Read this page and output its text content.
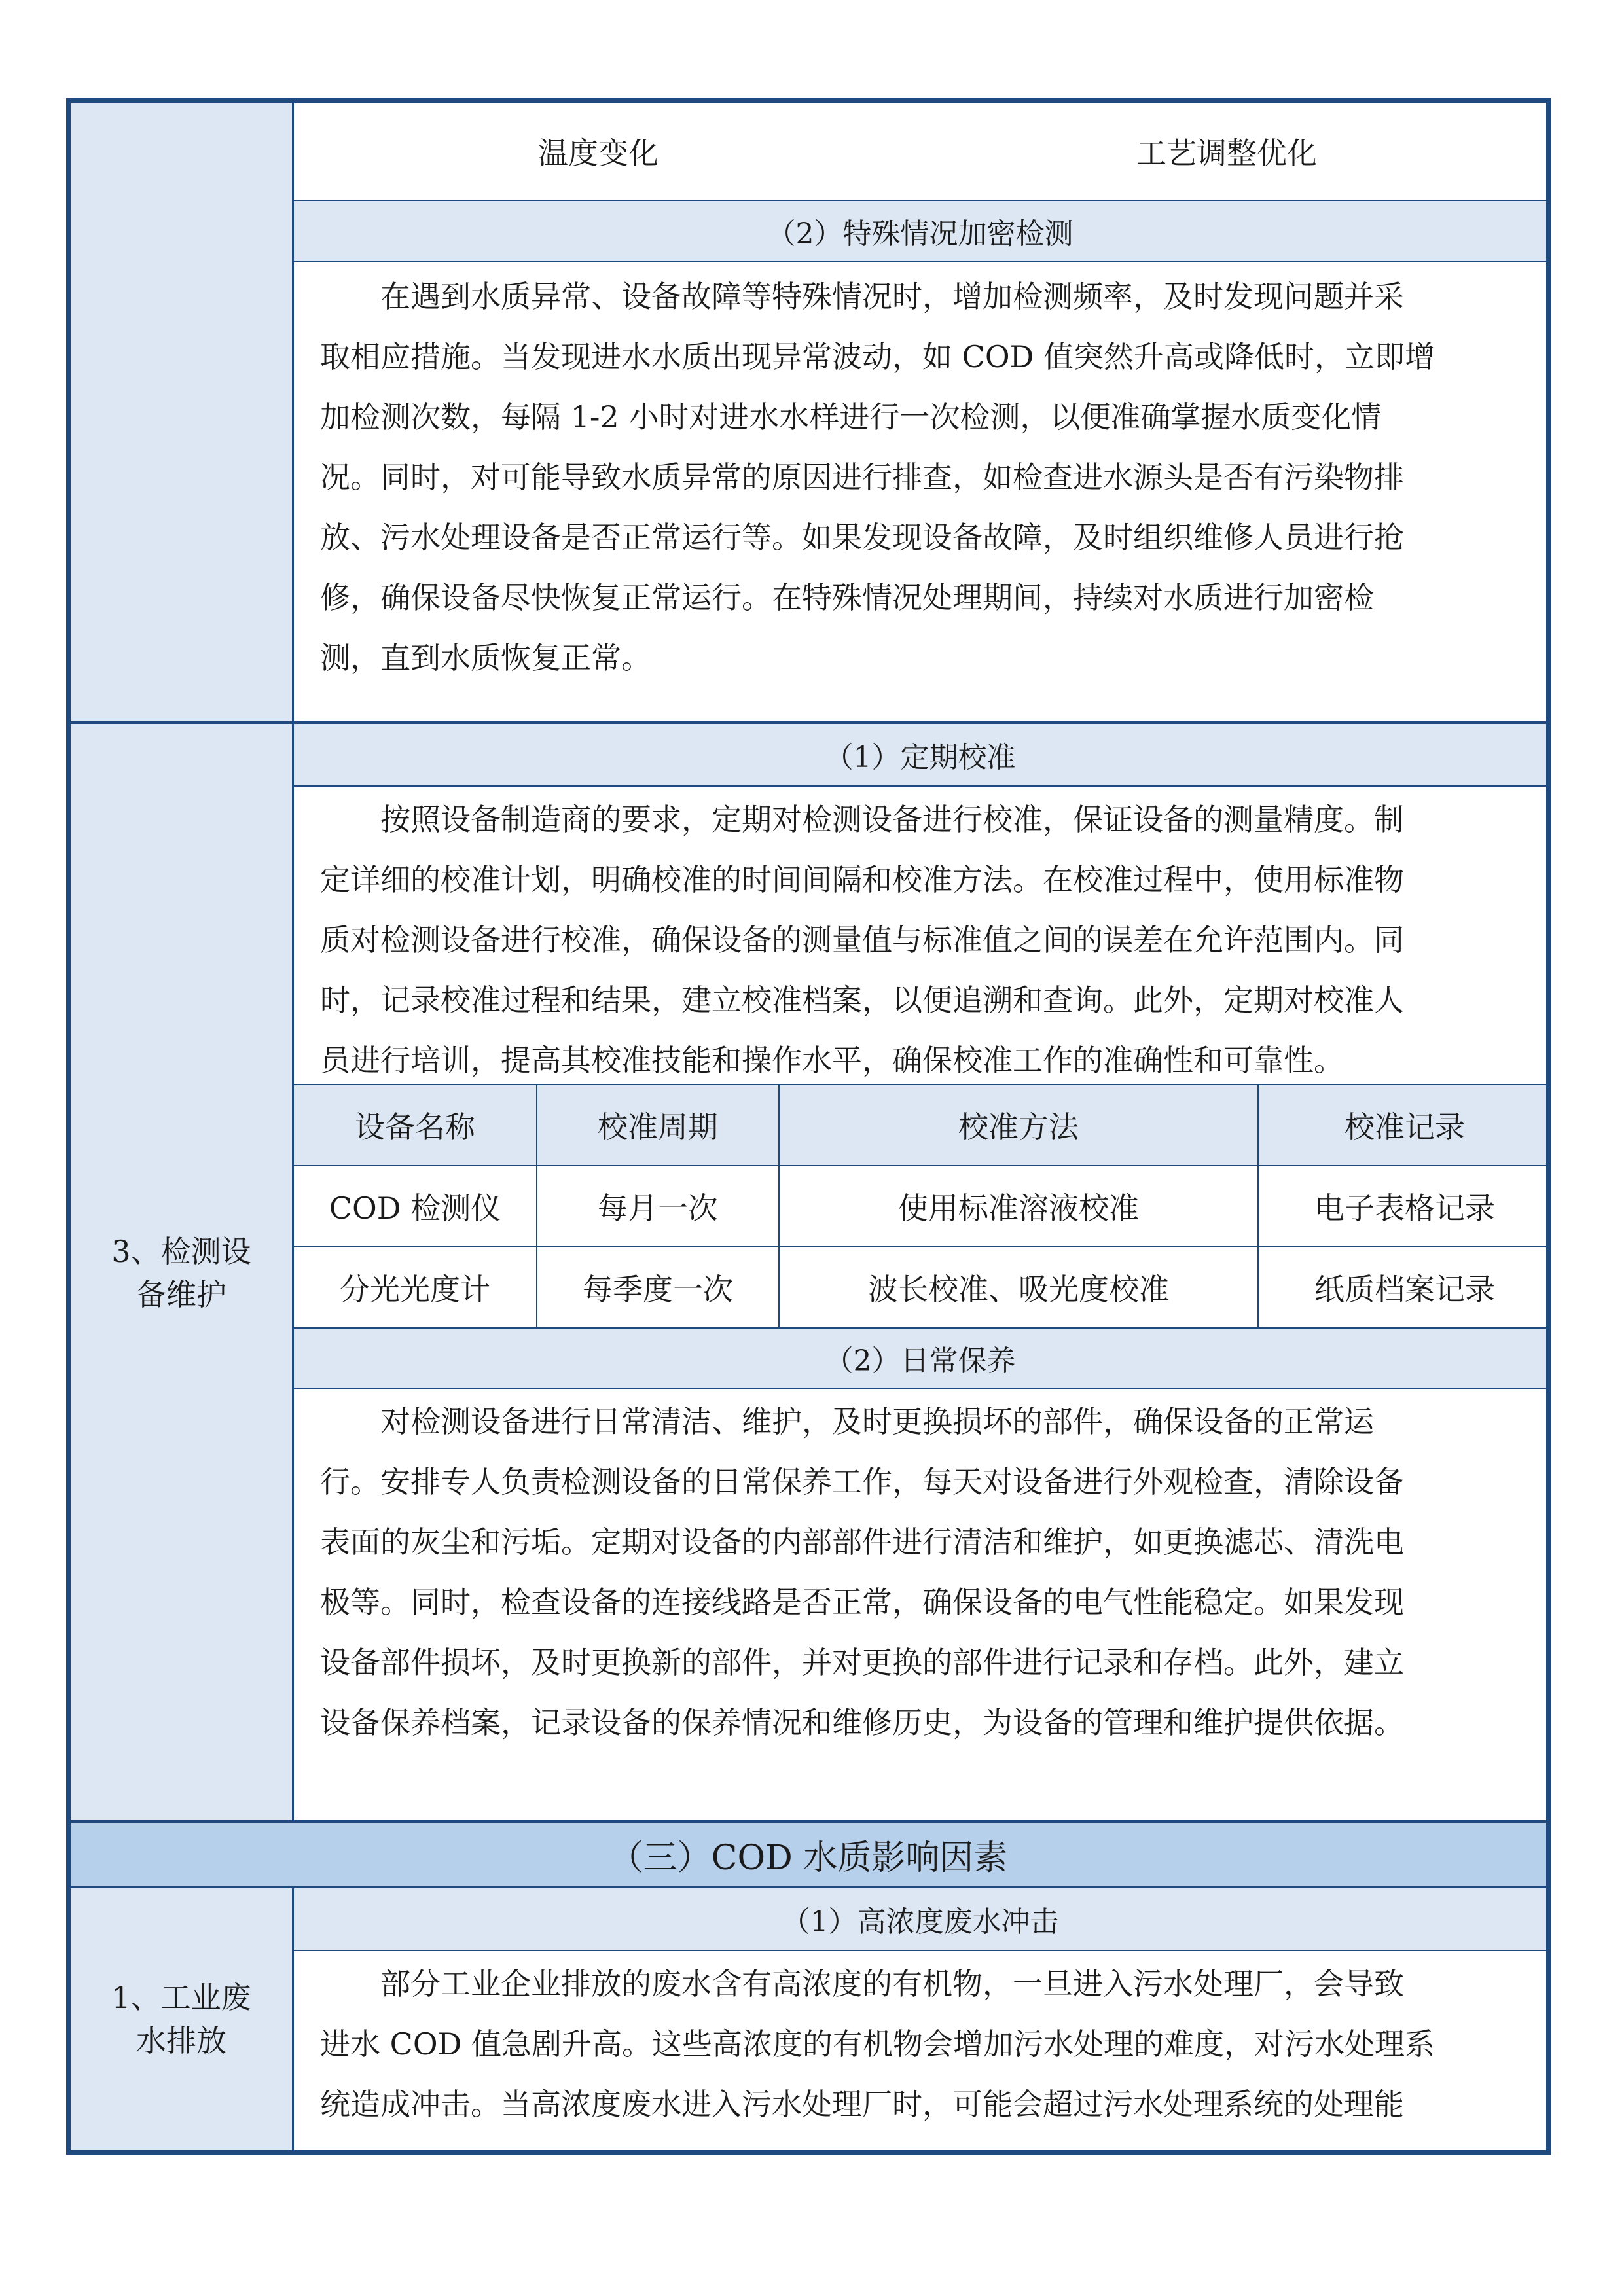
温度变化	工艺调整优化
（2）特殊情况加密检测
在遇到水质异常、设备故障等特殊情况时，增加检测频率，及时发现问题并采
取相应措施。当发现进水水质出现异常波动，如 COD 值突然升高或降低时，立即增
加检测次数，每隔 1-2 小时对进水水样进行一次检测，以便准确掌握水质变化情
况。同时，对可能导致水质异常的原因进行排查，如检查进水源头是否有污染物排
放、污水处理设备是否正常运行等。如果发现设备故障，及时组织维修人员进行抢
修，确保设备尽快恢复正常运行。在特殊情况处理期间，持续对水质进行加密检
测，直到水质恢复正常。
3、检测设
备维护
（1）定期校准
按照设备制造商的要求，定期对检测设备进行校准，保证设备的测量精度。制
定详细的校准计划，明确校准的时间间隔和校准方法。在校准过程中，使用标准物
质对检测设备进行校准，确保设备的测量值与标准值之间的误差在允许范围内。同
时，记录校准过程和结果，建立校准档案，以便追溯和查询。此外，定期对校准人
员进行培训，提高其校准技能和操作水平，确保校准工作的准确性和可靠性。
设备名称	校准周期	校准方法	校准记录
COD 检测仪	每月一次	使用标准溶液校准	电子表格记录
分光光度计	每季度一次	波长校准、吸光度校准	纸质档案记录
（2）日常保养
对检测设备进行日常清洁、维护，及时更换损坏的部件，确保设备的正常运
行。安排专人负责检测设备的日常保养工作，每天对设备进行外观检查，清除设备
表面的灰尘和污垢。定期对设备的内部部件进行清洁和维护，如更换滤芯、清洗电
极等。同时，检查设备的连接线路是否正常，确保设备的电气性能稳定。如果发现
设备部件损坏，及时更换新的部件，并对更换的部件进行记录和存档。此外，建立
设备保养档案，记录设备的保养情况和维修历史，为设备的管理和维护提供依据。
（三）COD 水质影响因素
1、工业废
水排放
（1）高浓度废水冲击
部分工业企业排放的废水含有高浓度的有机物，一旦进入污水处理厂，会导致
进水 COD 值急剧升高。这些高浓度的有机物会增加污水处理的难度，对污水处理系
统造成冲击。当高浓度废水进入污水处理厂时，可能会超过污水处理系统的处理能
